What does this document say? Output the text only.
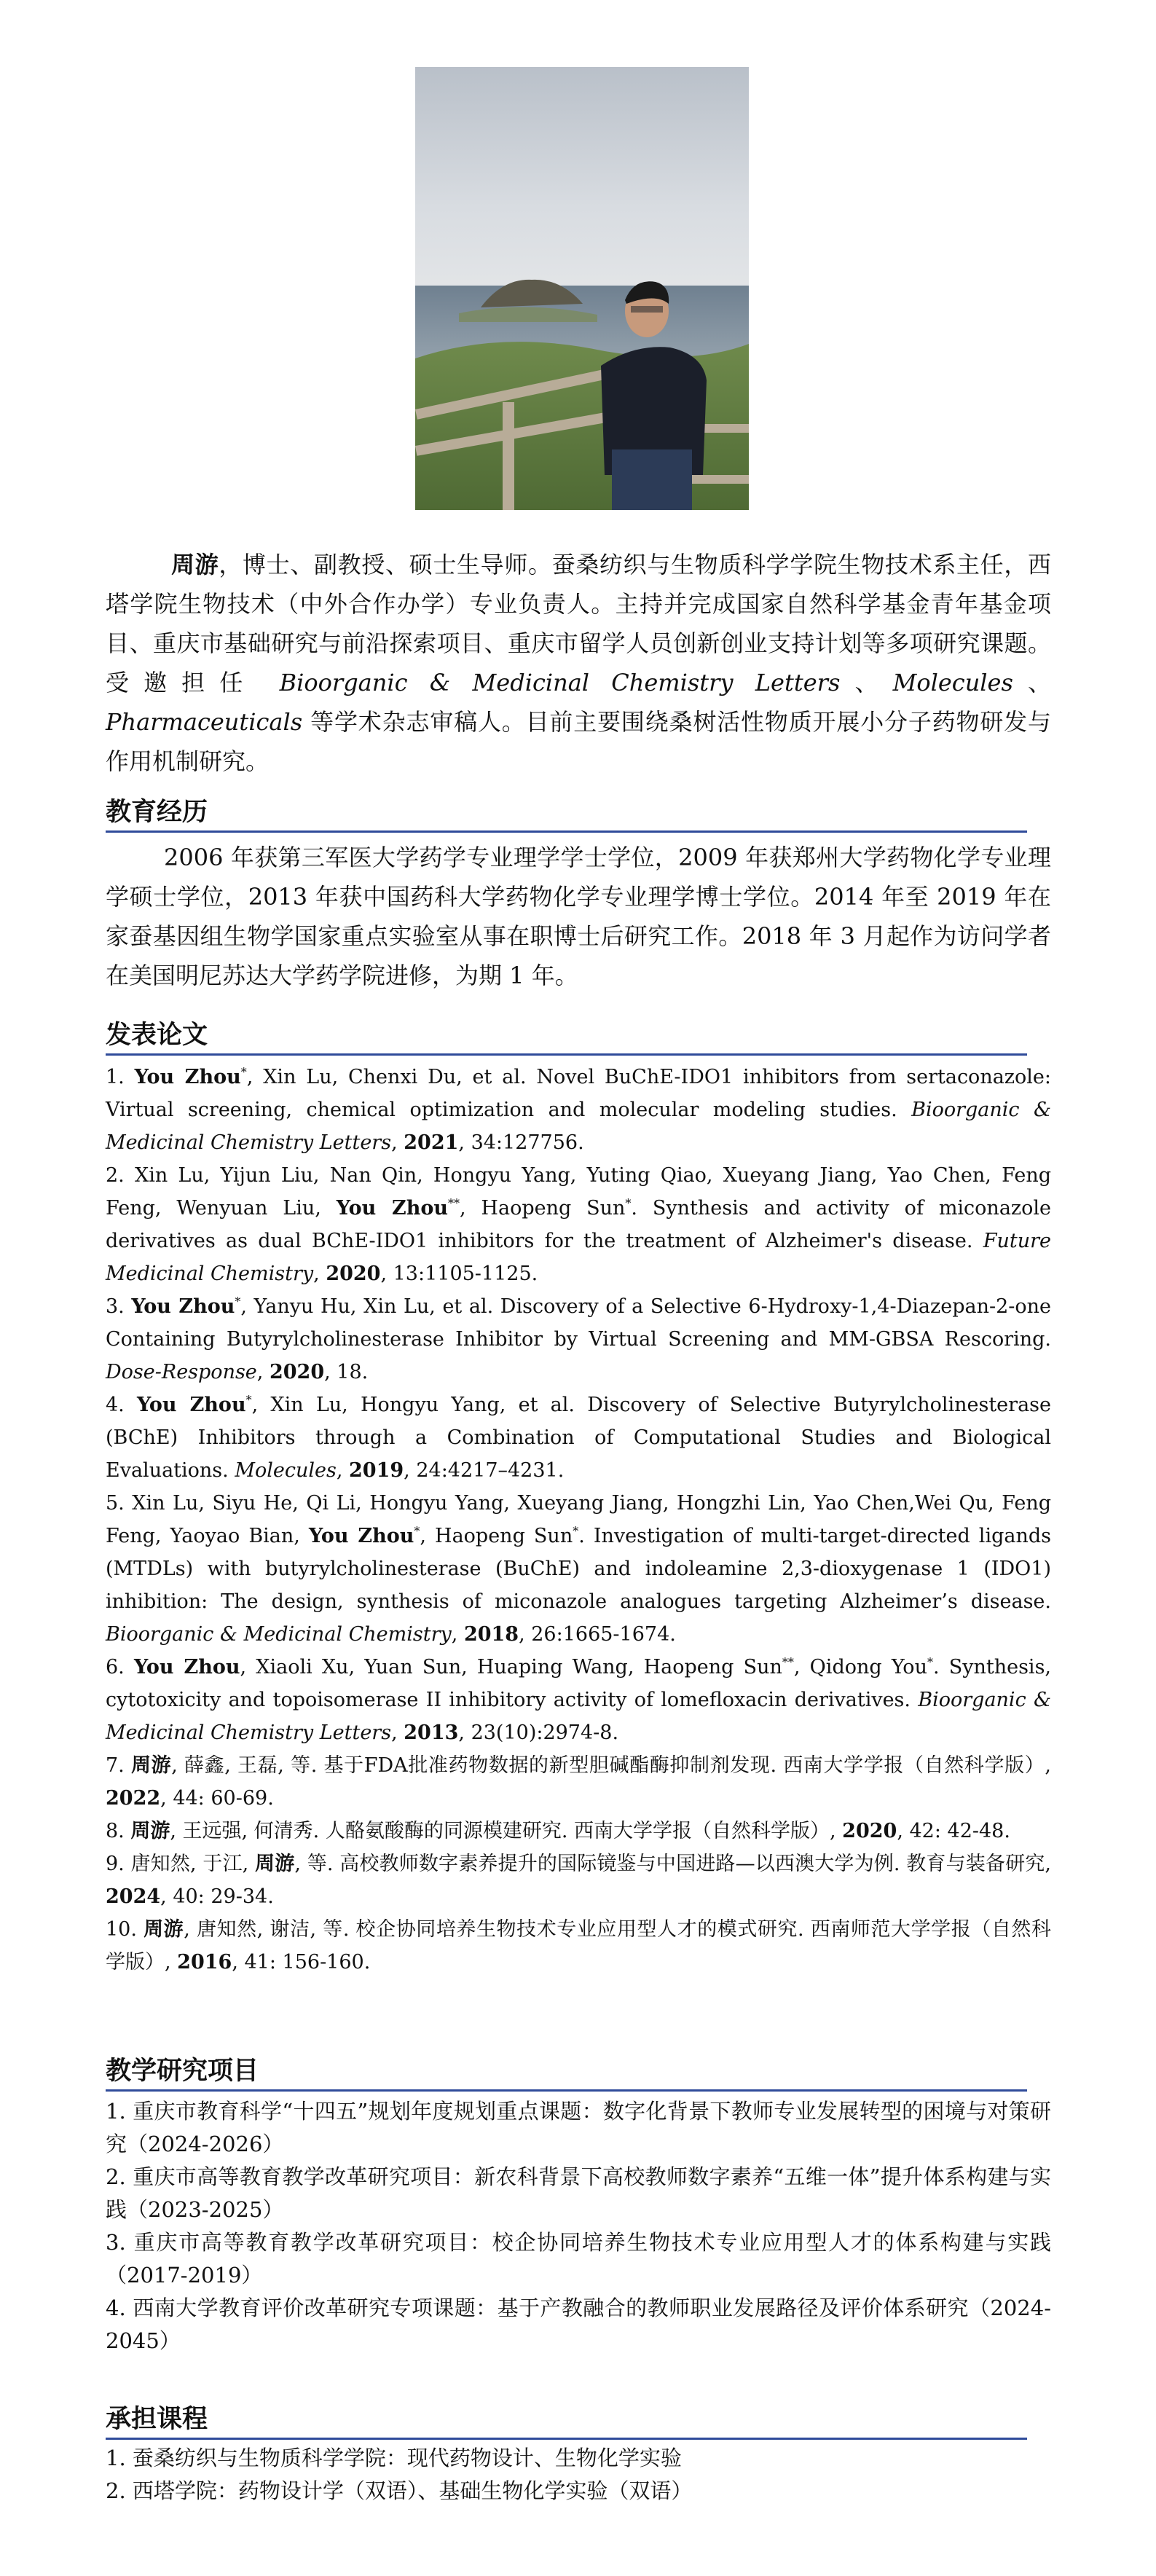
周游，博士、副教授、硕士生导师。蚕桑纺织与生物质科学学院生物技术系主任，西塔学院生物技术（中外合作办学）专业负责人。主持并完成国家自然科学基金青年基金项目、重庆市基础研究与前沿探索项目、重庆市留学人员创新创业支持计划等多项研究课题。受邀担任 Bioorganic & Medicinal Chemistry Letters、Molecules、Pharmaceuticals 等学术杂志审稿人。目前主要围绕桑树活性物质开展小分子药物研发与作用机制研究。
教育经历
2006 年获第三军医大学药学专业理学学士学位，2009 年获郑州大学药物化学专业理学硕士学位，2013 年获中国药科大学药物化学专业理学博士学位。2014 年至 2019 年在家蚕基因组生物学国家重点实验室从事在职博士后研究工作。2018 年 3 月起作为访问学者在美国明尼苏达大学药学院进修，为期 1 年。
发表论文

1. You Zhou*, Xin Lu, Chenxi Du, et al. Novel BuChE-IDO1 inhibitors from sertaconazole: Virtual screening, chemical optimization and molecular modeling studies. Bioorganic & Medicinal Chemistry Letters, 2021, 34:127756.

2. Xin Lu, Yijun Liu, Nan Qin, Hongyu Yang, Yuting Qiao, Xueyang Jiang, Yao Chen, Feng Feng, Wenyuan Liu, You Zhou**, Haopeng Sun*. Synthesis and activity of miconazole derivatives as dual BChE-IDO1 inhibitors for the treatment of Alzheimer's disease. Future Medicinal Chemistry, 2020, 13:1105-1125.

3. You Zhou*, Yanyu Hu, Xin Lu, et al. Discovery of a Selective 6-Hydroxy-1,4-Diazepan-2-one Containing Butyrylcholinesterase Inhibitor by Virtual Screening and MM-GBSA Rescoring. Dose-Response, 2020, 18.

4. You Zhou*, Xin Lu, Hongyu Yang, et al. Discovery of Selective Butyrylcholinesterase (BChE) Inhibitors through a Combination of Computational Studies and Biological Evaluations. Molecules, 2019, 24:4217–4231.

5. Xin Lu, Siyu He, Qi Li, Hongyu Yang, Xueyang Jiang, Hongzhi Lin, Yao Chen,Wei Qu, Feng Feng, Yaoyao Bian, You Zhou*, Haopeng Sun*. Investigation of multi-target-directed ligands (MTDLs) with butyrylcholinesterase (BuChE) and indoleamine 2,3-dioxygenase 1 (IDO1) inhibition: The design, synthesis of miconazole analogues targeting Alzheimer’s disease. Bioorganic & Medicinal Chemistry, 2018, 26:1665-1674.

6. You Zhou, Xiaoli Xu, Yuan Sun, Huaping Wang, Haopeng Sun**, Qidong You*. Synthesis, cytotoxicity and topoisomerase II inhibitory activity of lomefloxacin derivatives. Bioorganic & Medicinal Chemistry Letters, 2013, 23(10):2974-8.

7. 周游, 薛鑫, 王磊, 等. 基于FDA批准药物数据的新型胆碱酯酶抑制剂发现. 西南大学学报（自然科学版）, 2022, 44: 60-69.

8. 周游, 王远强, 何清秀. 人酪氨酸酶的同源模建研究. 西南大学学报（自然科学版）, 2020, 42: 42-48.

9. 唐知然, 于江, 周游, 等. 高校教师数字素养提升的国际镜鉴与中国进路—以西澳大学为例. 教育与装备研究, 2024, 40: 29-34.

10. 周游, 唐知然, 谢洁, 等. 校企协同培养生物技术专业应用型人才的模式研究. 西南师范大学学报（自然科学版）, 2016, 41: 156-160.

教学研究项目

1. 重庆市教育科学“十四五”规划年度规划重点课题：数字化背景下教师专业发展转型的困境与对策研究（2024-2026）

2. 重庆市高等教育教学改革研究项目：新农科背景下高校教师数字素养“五维一体”提升体系构建与实践（2023-2025）

3. 重庆市高等教育教学改革研究项目：校企协同培养生物技术专业应用型人才的体系构建与实践（2017-2019）

4. 西南大学教育评价改革研究专项课题：基于产教融合的教师职业发展路径及评价体系研究（2024-2045）

承担课程

1. 蚕桑纺织与生物质科学学院：现代药物设计、生物化学实验

2. 西塔学院：药物设计学（双语）、基础生物化学实验（双语）
